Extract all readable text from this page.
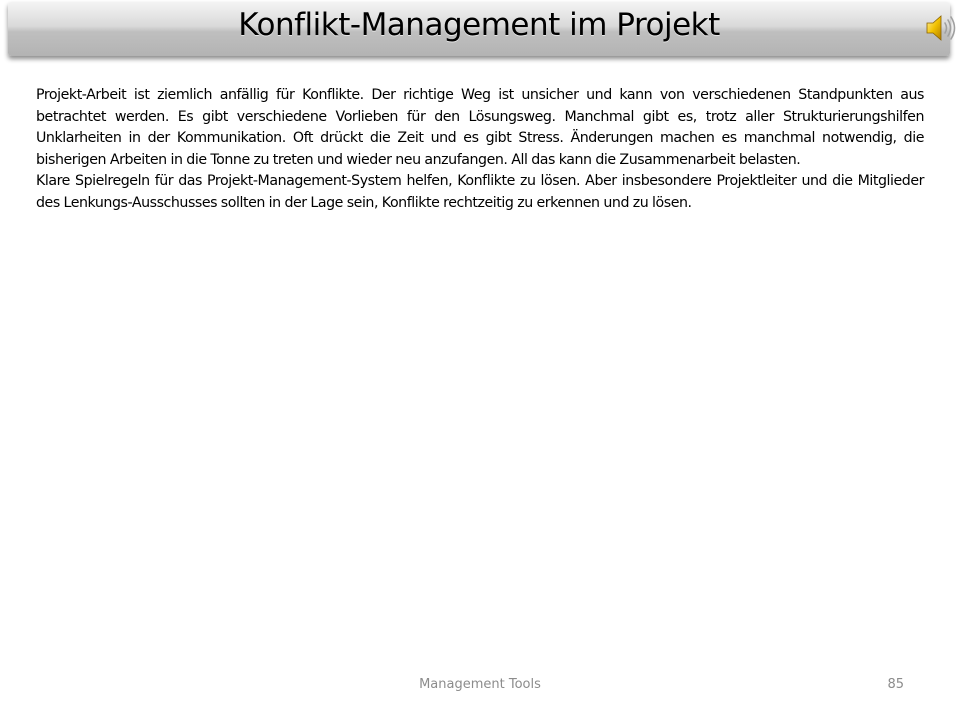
Konflikt-Management im Projekt

Projekt-Arbeit ist ziemlich anfällig für Konflikte. Der richtige Weg ist unsicher und kann von verschiedenen Standpunkten aus betrachtet werden. Es gibt verschiedene Vorlieben für den Lösungsweg. Manchmal gibt es, trotz aller Strukturierungshilfen Unklarheiten in der Kommunikation. Oft drückt die Zeit und es gibt Stress. Änderungen machen es manchmal notwendig, die bisherigen Arbeiten in die Tonne zu treten und wieder neu anzufangen. All das kann die Zusammenarbeit belasten.

Klare Spielregeln für das Projekt-Management-System helfen, Konflikte zu lösen. Aber insbesondere Projektleiter und die Mitglieder des Lenkungs-Ausschusses sollten in der Lage sein, Konflikte rechtzeitig zu erkennen und zu lösen.

Management Tools	85
